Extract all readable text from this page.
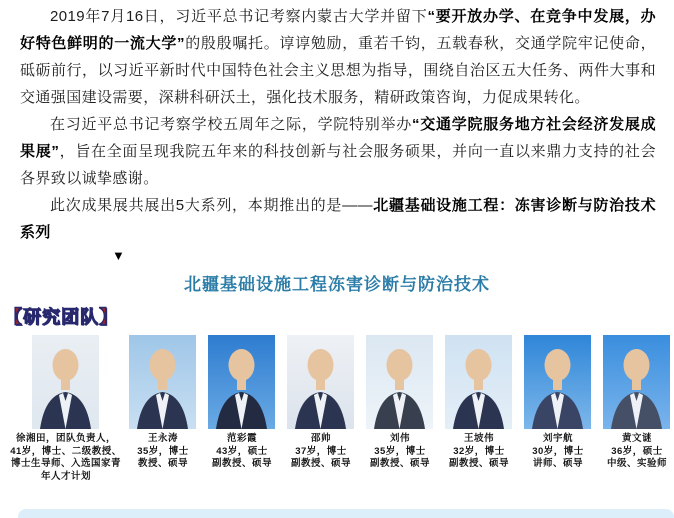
2019年7月16日，习近平总书记考察内蒙古大学并留下“要开放办学、在竞争中发展，办好特色鲜明的一流大学”的殷殷嘱托。谆谆勉励，重若千钧，五载春秋，交通学院牢记使命，砥砺前行，以习近平新时代中国特色社会主义思想为指导，围绕自治区五大任务、两件大事和交通强国建设需要，深耕科研沃土，强化技术服务，精研政策咨询，力促成果转化。

在习近平总书记考察学校五周年之际，学院特别举办“交通学院服务地方社会经济发展成果展”，旨在全面呈现我院五年来的科技创新与社会服务硕果，并向一直以来鼎力支持的社会各界致以诚挚感谢。

此次成果展共展出5大系列，本期推出的是——北疆基础设施工程：冻害诊断与防治技术系列

▼
北疆基础设施工程冻害诊断与防治技术
【研究团队】
徐湘田，团队负责人，
41岁，博士、二级教授、
博士生导师、入选国家青
年人才计划
王永涛
35岁，博士
教授、硕导
范彩霞
43岁，硕士
副教授、硕导
邵帅
37岁，博士
副教授、硕导
刘伟
35岁，博士
副教授、硕导
王坡伟
32岁，博士
副教授、硕导
刘宇航
30岁，博士
讲师、硕导
黄文谜
36岁，硕士
中级、实验师
